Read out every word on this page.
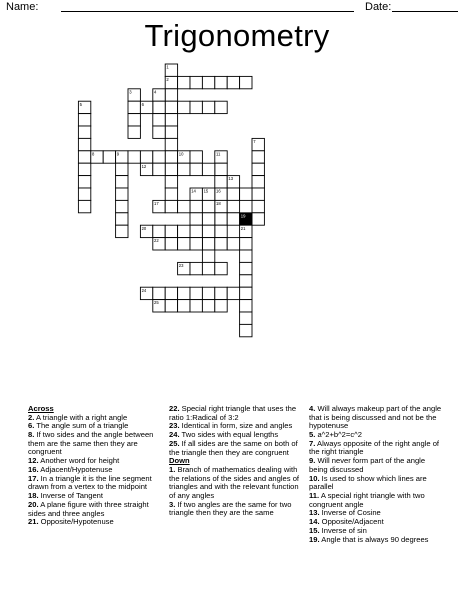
Name:	Date:
Trigonometry
1
2
3	4
5	6
7
8	9	10	11
12
13
14 15 16
17	18
19
20	21
22
23
24
25
Across
2. A triangle with a right angle
6. The angle sum of a triangle
8. If two sides and the angle between them are the same then they are congruent
12. Another word for height
16. Adjacent/Hypotenuse
17. In a triangle it is the line segment drawn from a vertex to the midpoint
18. Inverse of Tangent
20. A plane figure with three straight sides and three angles
21. Opposite/Hypotenuse
22. Special right triangle that uses the ratio 1:Radical of 3:2
23. Identical in form, size and angles
24. Two sides with equal lengths
25. If all sides are the same on both of the triangle then they are congruent
Down
1. Branch of mathematics dealing with the relations of the sides and angles of triangles and with the relevant function of any angles
3. If two angles are the same for two triangle then they are the same
4. Will always makeup part of the angle that is being discussed and not be the hypotenuse
5. a^2+b^2=c^2
7. Always opposite of the right angle of the right triangle
9. Will never form part of the angle being discussed
10. Is used to show which lines are parallel
11. A special right triangle with two congruent angle
13. Inverse of Cosine
14. Opposite/Adjacent
15. Inverse of sin
19. Angle that is always 90 degrees
